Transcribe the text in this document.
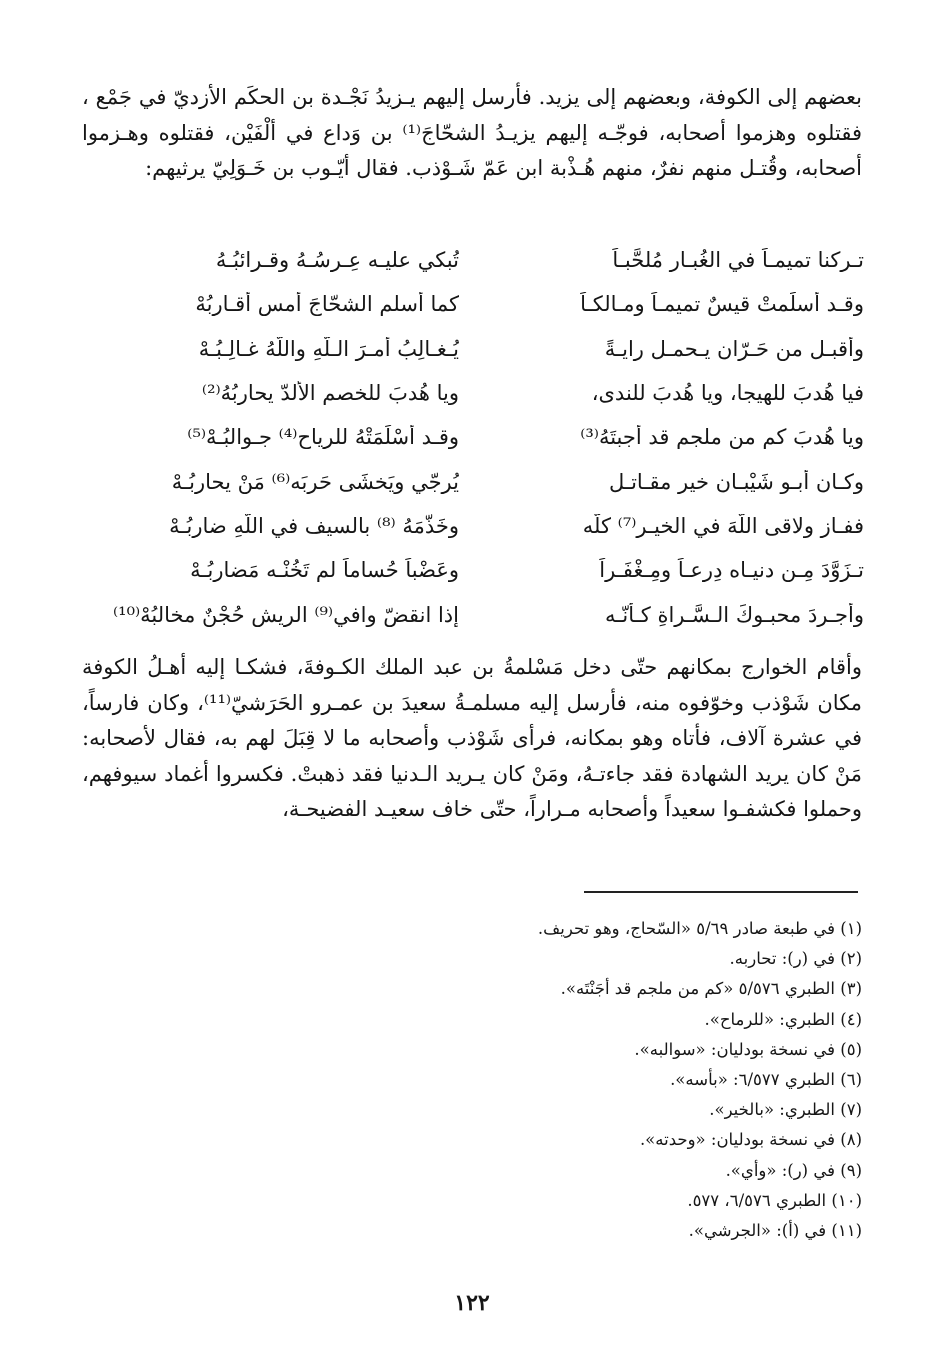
بعضهم إلى الكوفة، وبعضهم إلى يزيد. فأرسل إليهم يـزيدُ نَجْـدة بن الحكَم الأزديّ في جَمْع ، فقتلوه وهزموا أصحابه، فوجّـه إليهم يزيـدُ الشحّاجَ⁽¹⁾ بن وَداع في ألْفَيْن، فقتلوه وهـزموا أصحابه، وقُتـل منهم نفرٌ، منهم هُـذْبة ابن عَمّ شَـوْذب. فقال أيّـوب بن خَـوَلِيّ يرثيهم:

تـركنا تميمـاً في الغُبـار مُلحَّبـاً
تُبكي عليـه عِـرسُـهُ وقـرائبُـهُ
وقـد أسلَمتْ قيسٌ تميمـاً ومـالكـاً
كما أسلم الشحّاجَ أمسِ أقـاربُهْ
وأقبـل من حَـرّان يـحمـل رايـةً
يُـغـالِبُ أمـرَ الـلَّهِ واللَّهُ غـالِـبُـهْ
فيا هُدبَ للهيجا، ويا هُدبَ للندى،
ويا هُدبَ للخصم الألدّ يحاربُهُ⁽²⁾
ويا هُدبَ كم من ملجم قد أجبتَهُ⁽³⁾
وقـد أسْلَمَتْهُ للرياح⁽⁴⁾ جـوالبُـهْ⁽⁵⁾
وكـان أبـو شَيْبـان خير مقـاتـل
يُرجّي ويَخشَى حَربَه⁽⁶⁾ مَنْ يحاربُـهْ
ففـاز ولاقى اللَّهَ في الخيـر⁽⁷⁾ كلّه
وخَذَّمَهُ ⁽⁸⁾ بالسيف في اللَّهِ ضاربُـهْ
تـزَوَّدَ مِـن دنيـاه دِرعـاً ومِـغْفَـراً
وعَضْباً حُساماً لم تَخُنْـه مَضاربُـهْ
وأجـردَ محبـوكَ الـسَّـراةِ كـأنّـه
إذا انقضّ وافي⁽⁹⁾ الريش حُجْنٌ مخالبُهْ⁽¹⁰⁾

وأقام الخوارج بمكانهم حتّى دخل مَسْلمةُ بن عبد الملك الكـوفةَ، فشكـا إليه أهـلُ الكوفة مكان شَوْذب وخوّفوه منه، فأرسل إليه مسلمـةُ سعيدَ بن عمـرو الحَرَشيّ⁽¹¹⁾، وكان فارساً، في عشرة آلاف، فأتاه وهو بمكانه، فرأى شَوْذب وأصحابه ما لا قِبَلَ لهم به، فقال لأصحابه: مَنْ كان يريد الشهادة فقد جاءتـهُ، ومَنْ كان يـريد الـدنيا فقد ذهبتْ. فكسروا أغماد سيوفهم، وحملوا فكشفـوا سعيداً وأصحابه مـراراً، حتّى خاف سعيـد الفضيحـة،

(١) في طبعة صادر ٥/٦٩ «السّحاج، وهو تحريف.
(٢) في (ر): تحاربه.
(٣) الطبري ٥/٥٧٦ «كم من ملجم قد أجَنْتَه».
(٤) الطبري: «للرماح».
(٥) في نسخة بودليان: «سوالبه».
(٦) الطبري ٦/٥٧٧: «بأسه».
(٧) الطبري: «بالخير».
(٨) في نسخة بودليان: «وحدته».
(٩) في (ر): «وأي».
(١٠) الطبري ٦/٥٧٦، ٥٧٧.
(١١) في (أ): «الجرشي».
١٢٢
